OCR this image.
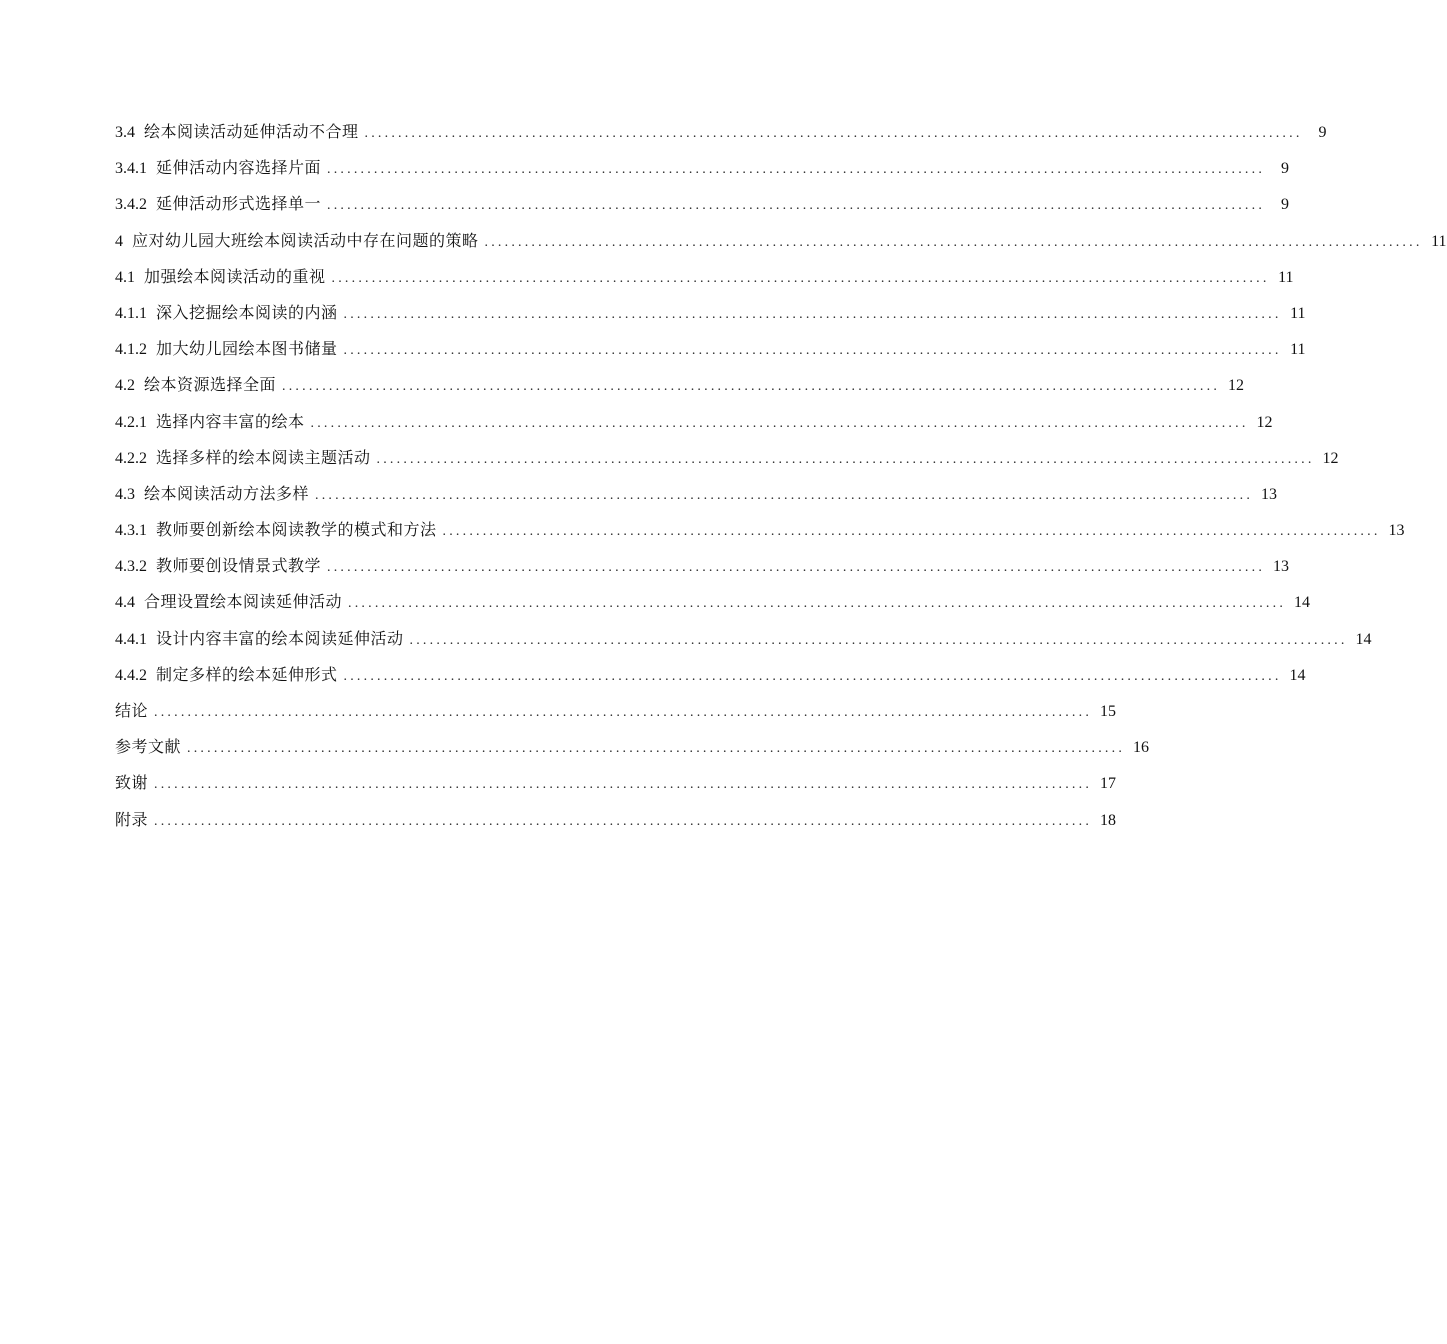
3.4 绘本阅读活动延伸活动不合理 ............................................................................................................................................	9
3.4.1 延伸活动内容选择片面 ............................................................................................................................................	9
3.4.2 延伸活动形式选择单一 ............................................................................................................................................	9
4 应对幼儿园大班绘本阅读活动中存在问题的策略 ............................................................................................................................................ 11
4.1 加强绘本阅读活动的重视 ............................................................................................................................................ 11
4.1.1 深入挖掘绘本阅读的内涵 ............................................................................................................................................ 11
4.1.2 加大幼儿园绘本图书储量 ............................................................................................................................................ 11
4.2 绘本资源选择全面 ............................................................................................................................................ 12
4.2.1 选择内容丰富的绘本 ............................................................................................................................................ 12
4.2.2 选择多样的绘本阅读主题活动 ............................................................................................................................................ 12
4.3 绘本阅读活动方法多样 ............................................................................................................................................ 13
4.3.1 教师要创新绘本阅读教学的模式和方法 ............................................................................................................................................ 13
4.3.2 教师要创设情景式教学 ............................................................................................................................................ 13
4.4 合理设置绘本阅读延伸活动 ............................................................................................................................................ 14
4.4.1 设计内容丰富的绘本阅读延伸活动 ............................................................................................................................................ 14
4.4.2 制定多样的绘本延伸形式 ............................................................................................................................................ 14
结论 ............................................................................................................................................ 15
参考文献 ............................................................................................................................................ 16
致谢 ............................................................................................................................................ 17
附录 ............................................................................................................................................ 18
